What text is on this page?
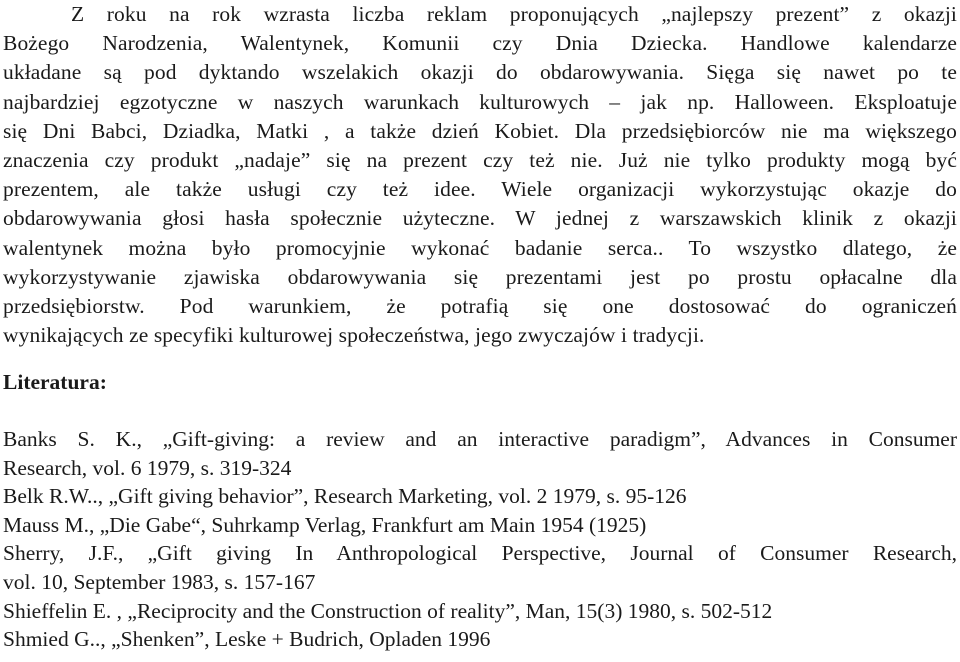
Z roku na rok wzrasta liczba reklam proponujących „najlepszy prezent” z okazji
Bożego Narodzenia, Walentynek, Komunii czy Dnia Dziecka. Handlowe kalendarze
układane są pod dyktando wszelakich okazji do obdarowywania. Sięga się nawet po te
najbardziej egzotyczne w naszych warunkach kulturowych – jak np. Halloween. Eksploatuje
się Dni Babci, Dziadka, Matki , a także dzień Kobiet. Dla przedsiębiorców nie ma większego
znaczenia czy produkt „nadaje” się na prezent czy też nie. Już nie tylko produkty mogą być
prezentem, ale także usługi czy też idee. Wiele organizacji wykorzystując okazje do
obdarowywania głosi hasła społecznie użyteczne. W jednej z warszawskich klinik z okazji
walentynek można było promocyjnie wykonać badanie serca.. To wszystko dlatego, że
wykorzystywanie zjawiska obdarowywania się prezentami jest po prostu opłacalne dla
przedsiębiorstw. Pod warunkiem, że potrafią się one dostosować do ograniczeń
wynikających ze specyfiki kulturowej społeczeństwa, jego zwyczajów i tradycji.
Literatura:

Banks S. K., „Gift-giving: a review and an interactive paradigm”, Advances in Consumer
Research, vol. 6 1979, s. 319-324

Belk R.W.., „Gift giving behavior”, Research Marketing, vol. 2 1979, s. 95-126

Mauss M., „Die Gabe“, Suhrkamp Verlag, Frankfurt am Main 1954 (1925)

Sherry, J.F., „Gift giving In Anthropological Perspective, Journal of Consumer Research,
vol. 10, September 1983, s. 157-167

Shieffelin E. , „Reciprocity and the Construction of reality”, Man, 15(3) 1980, s. 502-512

Shmied G.., „Shenken”, Leske + Budrich, Opladen 1996
